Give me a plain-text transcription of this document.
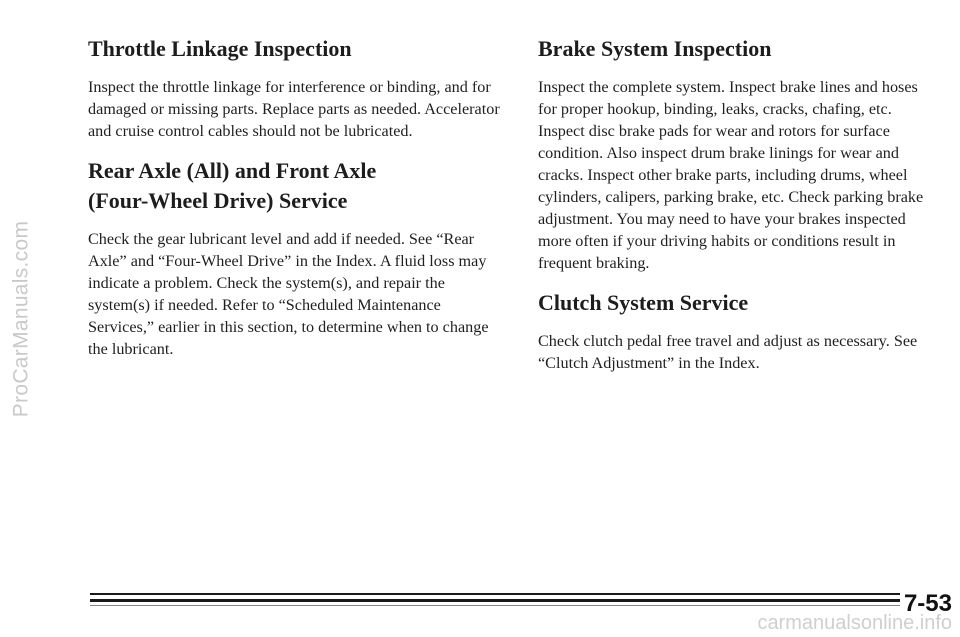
ProCarManuals.com
Throttle Linkage Inspection

Inspect the throttle linkage for interference or binding, and for damaged or missing parts. Replace parts as needed. Accelerator and cruise control cables should not be lubricated.

Rear Axle (All) and Front Axle
(Four-Wheel Drive) Service

Check the gear lubricant level and add if needed. See “Rear Axle” and “Four-Wheel Drive” in the Index. A fluid loss may indicate a problem. Check the system(s), and repair the system(s) if needed. Refer to “Scheduled Maintenance Services,” earlier in this section, to determine when to change the lubricant.

Brake System Inspection

Inspect the complete system. Inspect brake lines and hoses for proper hookup, binding, leaks, cracks, chafing, etc. Inspect disc brake pads for wear and rotors for surface condition. Also inspect drum brake linings for wear and cracks. Inspect other brake parts, including drums, wheel cylinders, calipers, parking brake, etc. Check parking brake adjustment. You may need to have your brakes inspected more often if your driving habits or conditions result in frequent braking.

Clutch System Service

Check clutch pedal free travel and adjust as necessary. See “Clutch Adjustment” in the Index.

7-53
carmanualsonline.info
